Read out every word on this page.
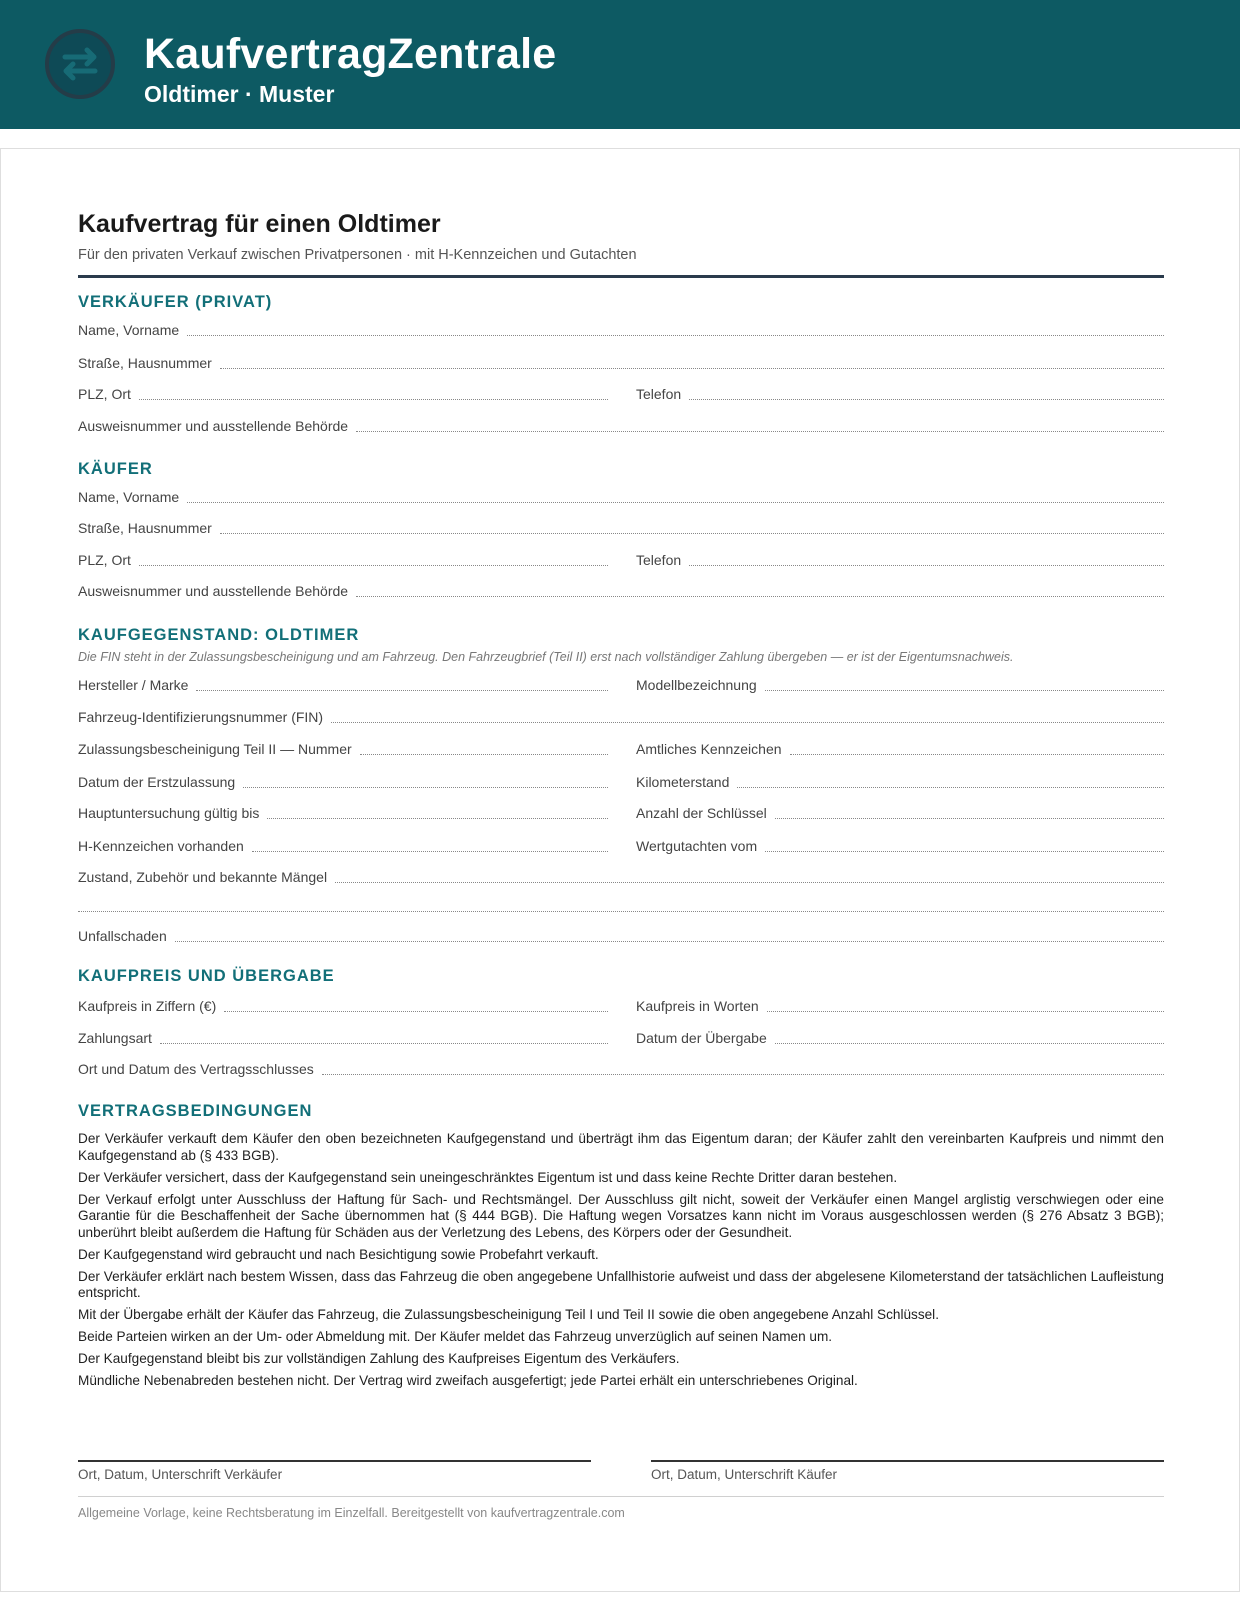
KaufvertragZentrale
Oldtimer · Muster
Kaufvertrag für einen Oldtimer
Für den privaten Verkauf zwischen Privatpersonen · mit H-Kennzeichen und Gutachten
VERKÄUFER (PRIVAT)
Name, Vorname
Straße, Hausnummer
PLZ, Ort	Telefon
Ausweisnummer und ausstellende Behörde
KÄUFER
Name, Vorname
Straße, Hausnummer
PLZ, Ort	Telefon
Ausweisnummer und ausstellende Behörde
KAUFGEGENSTAND: OLDTIMER
Die FIN steht in der Zulassungsbescheinigung und am Fahrzeug. Den Fahrzeugbrief (Teil II) erst nach vollständiger Zahlung übergeben — er ist der Eigentumsnachweis.
Hersteller / Marke	Modellbezeichnung
Fahrzeug-Identifizierungsnummer (FIN)
Zulassungsbescheinigung Teil II — Nummer	Amtliches Kennzeichen
Datum der Erstzulassung	Kilometerstand
Hauptuntersuchung gültig bis	Anzahl der Schlüssel
H-Kennzeichen vorhanden	Wertgutachten vom
Zustand, Zubehör und bekannte Mängel
Unfallschaden
KAUFPREIS UND ÜBERGABE
Kaufpreis in Ziffern (€)	Kaufpreis in Worten
Zahlungsart	Datum der Übergabe
Ort und Datum des Vertragsschlusses
VERTRAGSBEDINGUNGEN

Der Verkäufer verkauft dem Käufer den oben bezeichneten Kaufgegenstand und überträgt ihm das Eigentum daran; der Käufer zahlt den vereinbarten Kaufpreis und nimmt den Kaufgegenstand ab (§ 433 BGB).

Der Verkäufer versichert, dass der Kaufgegenstand sein uneingeschränktes Eigentum ist und dass keine Rechte Dritter daran bestehen.

Der Verkauf erfolgt unter Ausschluss der Haftung für Sach- und Rechtsmängel. Der Ausschluss gilt nicht, soweit der Verkäufer einen Mangel arglistig verschwiegen oder eine Garantie für die Beschaffenheit der Sache übernommen hat (§ 444 BGB). Die Haftung wegen Vorsatzes kann nicht im Voraus ausgeschlossen werden (§ 276 Absatz 3 BGB); unberührt bleibt außerdem die Haftung für Schäden aus der Verletzung des Lebens, des Körpers oder der Gesundheit.

Der Kaufgegenstand wird gebraucht und nach Besichtigung sowie Probefahrt verkauft.

Der Verkäufer erklärt nach bestem Wissen, dass das Fahrzeug die oben angegebene Unfallhistorie aufweist und dass der abgelesene Kilometerstand der tatsächlichen Laufleistung entspricht.

Mit der Übergabe erhält der Käufer das Fahrzeug, die Zulassungsbescheinigung Teil I und Teil II sowie die oben angegebene Anzahl Schlüssel.

Beide Parteien wirken an der Um- oder Abmeldung mit. Der Käufer meldet das Fahrzeug unverzüglich auf seinen Namen um.

Der Kaufgegenstand bleibt bis zur vollständigen Zahlung des Kaufpreises Eigentum des Verkäufers.

Mündliche Nebenabreden bestehen nicht. Der Vertrag wird zweifach ausgefertigt; jede Partei erhält ein unterschriebenes Original.

Ort, Datum, Unterschrift Verkäufer	Ort, Datum, Unterschrift Käufer
Allgemeine Vorlage, keine Rechtsberatung im Einzelfall. Bereitgestellt von kaufvertragzentrale.com
